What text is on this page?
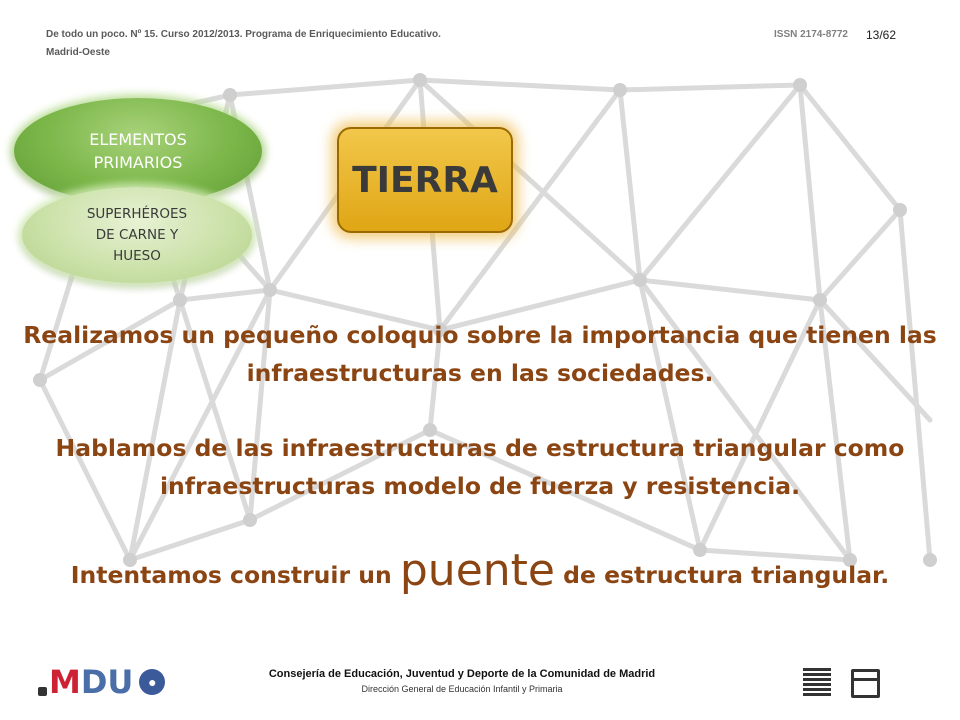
De todo un poco. Nº 15. Curso 2012/2013. Programa de Enriquecimiento Educativo.
Madrid-Oeste
ISSN 2174-8772 13/62
ELEMENTOS
PRIMARIOS
SUPERHÉROES
DE CARNE Y
HUESO
TIERRA
Realizamos un pequeño coloquio sobre la importancia que tienen las
infraestructuras en las sociedades.
Hablamos de las infraestructuras de estructura triangular como
infraestructuras modelo de fuerza y resistencia.
Intentamos construir un puente de estructura triangular.
M DU	●	Consejería de Educación, Juventud y Deporte de la Comunidad de Madrid
Dirección General de Educación Infantil y Primaria
